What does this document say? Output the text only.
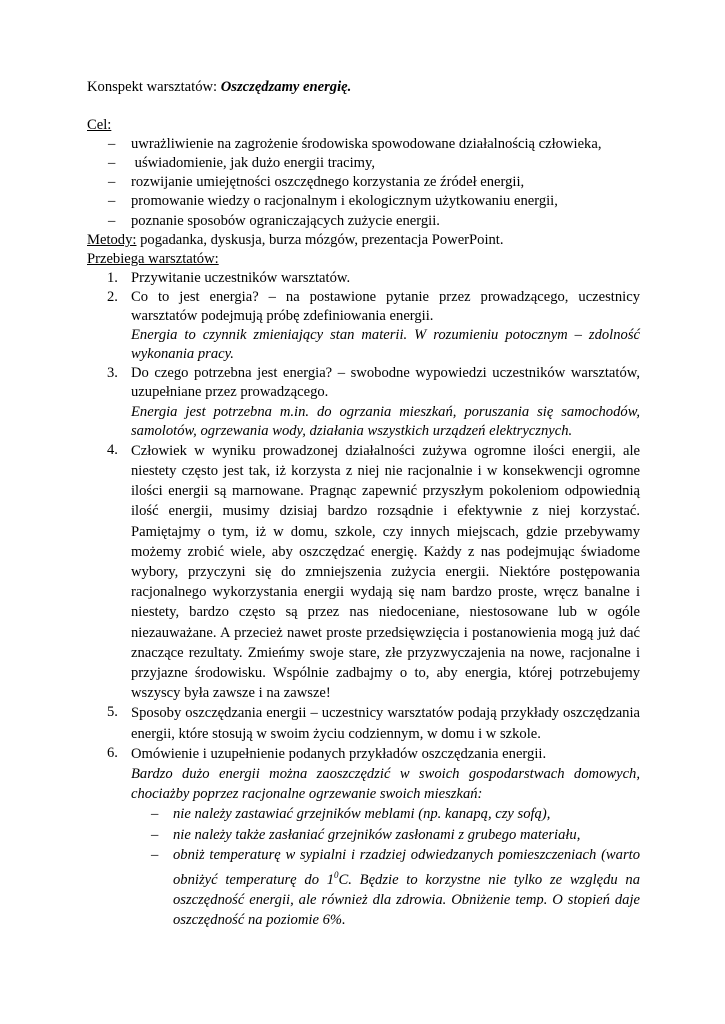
Konspekt warsztatów: Oszczędzamy energię.

Cel:

– uwrażliwienie na zagrożenie środowiska spowodowane działalnością człowieka,
–  uświadomienie, jak dużo energii tracimy,
– rozwijanie umiejętności oszczędnego korzystania ze źródeł energii,
– promowanie wiedzy o racjonalnym i ekologicznym użytkowaniu energii,
– poznanie sposobów ograniczających zużycie energii.

Metody: pogadanka, dyskusja, burza mózgów, prezentacja PowerPoint.

Przebiega warsztatów:

1. Przywitanie uczestników warsztatów.

2. Co to jest energia? – na postawione pytanie przez prowadzącego, uczestnicy warsztatów podejmują próbę zdefiniowania energii.

Energia to czynnik zmieniający stan materii. W rozumieniu potocznym – zdolność wykonania pracy.

3. Do czego potrzebna jest energia? – swobodne wypowiedzi uczestników warsztatów, uzupełniane przez prowadzącego.

Energia jest potrzebna m.in. do ogrzania mieszkań, poruszania się samochodów, samolotów, ogrzewania wody, działania wszystkich urządzeń elektrycznych.

4. Człowiek w wyniku prowadzonej działalności zużywa ogromne ilości energii, ale niestety często jest tak, iż korzysta z niej nie racjonalnie i w konsekwencji ogromne ilości energii są marnowane. Pragnąc zapewnić przyszłym pokoleniom odpowiednią ilość energii, musimy dzisiaj bardzo rozsądnie i efektywnie z niej korzystać. Pamiętajmy o tym, iż w domu, szkole, czy innych miejscach, gdzie przebywamy możemy zrobić wiele, aby oszczędzać energię. Każdy z nas podejmując świadome wybory, przyczyni się do zmniejszenia zużycia energii. Niektóre postępowania racjonalnego wykorzystania energii wydają się nam bardzo proste, wręcz banalne i niestety, bardzo często są przez nas niedoceniane, niestosowane lub w ogóle niezauważane. A przecież nawet proste przedsięwzięcia i postanowienia mogą już dać znaczące rezultaty. Zmieńmy swoje stare, złe przyzwyczajenia na nowe, racjonalne i przyjazne środowisku. Wspólnie zadbajmy o to, aby energia, której potrzebujemy wszyscy była zawsze i na zawsze!

5. Sposoby oszczędzania energii – uczestnicy warsztatów podają przykłady oszczędzania energii, które stosują w swoim życiu codziennym, w domu i w szkole.

6. Omówienie i uzupełnienie podanych przykładów oszczędzania energii.

Bardzo dużo energii można zaoszczędzić w swoich gospodarstwach domowych, chociażby poprzez racjonalne ogrzewanie swoich mieszkań:

– nie należy zastawiać grzejników meblami (np. kanapą, czy sofą),
– nie należy także zasłaniać grzejników zasłonami z grubego materiału,
– obniż temperaturę w sypialni i rzadziej odwiedzanych pomieszczeniach (warto obniżyć temperaturę do $1^0C$. Będzie to korzystne nie tylko ze względu na oszczędność energii, ale również dla zdrowia. Obniżenie temp. O stopień daje oszczędność na poziomie 6%.
